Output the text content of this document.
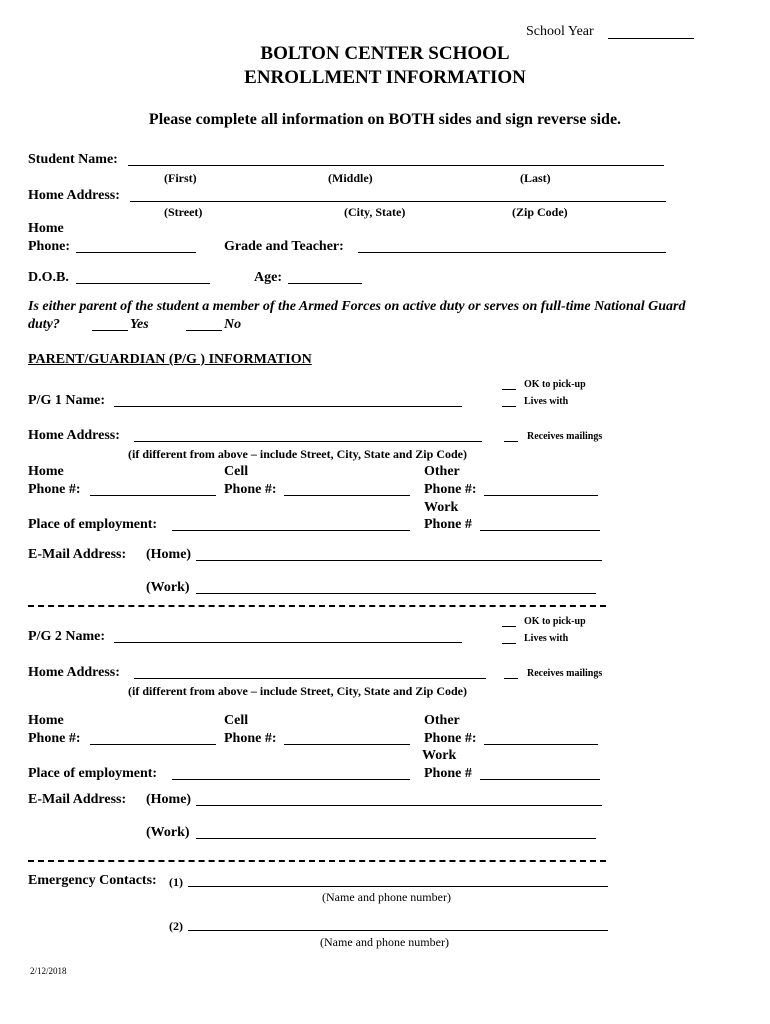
School Year
BOLTON CENTER SCHOOL
ENROLLMENT INFORMATION
Please complete all information on BOTH sides and sign reverse side.
Student Name:
(First)	(Middle)	(Last)
Home Address:
(Street)	(City, State)	(Zip Code)
Home
Phone:	Grade and Teacher:
D.O.B.	Age:
Is either parent of the student a member of the Armed Forces on active duty or serves on full-time National Guard
duty?	Yes	No
PARENT/GUARDIAN (P/G ) INFORMATION
OK to pick-up
Lives with
P/G 1 Name:
Home Address:	Receives mailings
(if different from above – include Street, City, State and Zip Code)
Home	Cell	Other
Phone #:	Phone #:	Phone #:
Work
Place of employment:	Phone #
E-Mail Address: (Home)
(Work)
OK to pick-up
Lives with
P/G 2 Name:
Home Address:	Receives mailings
(if different from above – include Street, City, State and Zip Code)
Home	Cell	Other
Phone #:	Phone #:	Phone #:
Work
Place of employment:	Phone #
E-Mail Address: (Home)
(Work)
Emergency Contacts: (1)
(Name and phone number)
(2)
(Name and phone number)
2/12/2018
